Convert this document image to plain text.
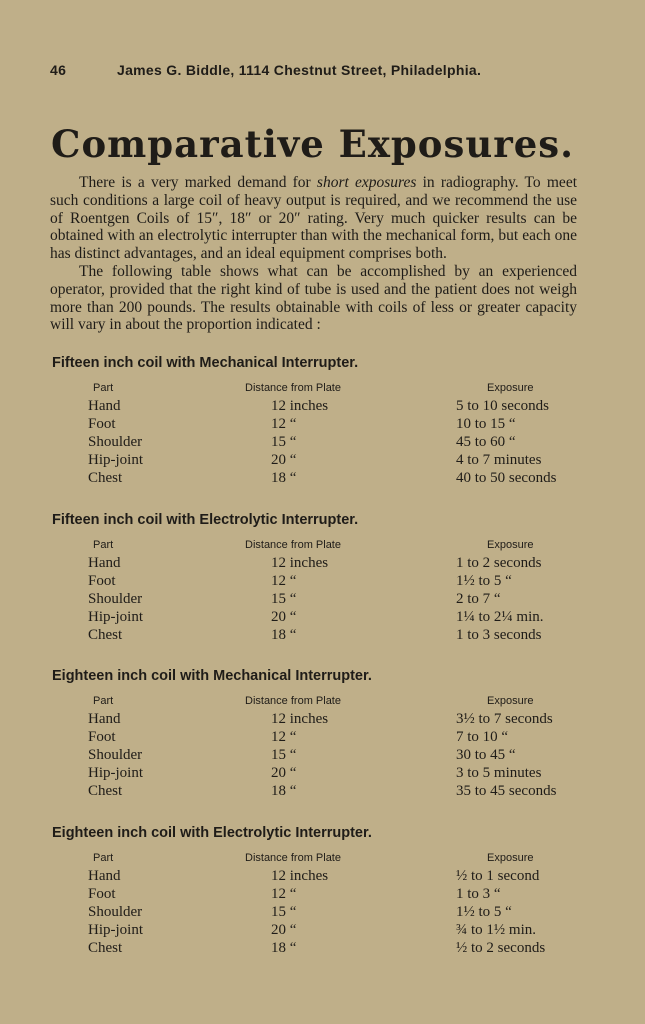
46	James G. Biddle, 1114 Chestnut Street, Philadelphia.
Comparative Exposures.

There is a very marked demand for short exposures in radiography. To meet such conditions a large coil of heavy output is required, and we recommend the use of Roentgen Coils of 15″, 18″ or 20″ rating. Very much quicker results can be obtained with an electrolytic interrupter than with the mechanical form, but each one has distinct advantages, and an ideal equipment comprises both.

The following table shows what can be accomplished by an experienced operator, provided that the right kind of tube is used and the patient does not weigh more than 200 pounds. The results obtainable with coils of less or greater capacity will vary in about the proportion indicated :

Fifteen inch coil with Mechanical Interrupter.
Part	Distance from Plate	Exposure
Hand	12 inches	5 to 10 seconds
Foot	12 “	10 to 15 “
Shoulder	15 “	45 to 60 “
Hip-joint	20 “	4 to 7 minutes
Chest	18 “	40 to 50 seconds
Fifteen inch coil with Electrolytic Interrupter.
Part	Distance from Plate	Exposure
Hand	12 inches	1 to 2 seconds
Foot	12 “	1½ to 5 “
Shoulder	15 “	2 to 7 “
Hip-joint	20 “	1¼ to 2¼ min.
Chest	18 “	1 to 3 seconds
Eighteen inch coil with Mechanical Interrupter.
Part	Distance from Plate	Exposure
Hand	12 inches	3½ to 7 seconds
Foot	12 “	7 to 10 “
Shoulder	15 “	30 to 45 “
Hip-joint	20 “	3 to 5 minutes
Chest	18 “	35 to 45 seconds
Eighteen inch coil with Electrolytic Interrupter.
Part	Distance from Plate	Exposure
Hand	12 inches	½ to 1 second
Foot	12 “	1 to 3 “
Shoulder	15 “	1½ to 5 “
Hip-joint	20 “	¾ to 1½ min.
Chest	18 “	½ to 2 seconds
